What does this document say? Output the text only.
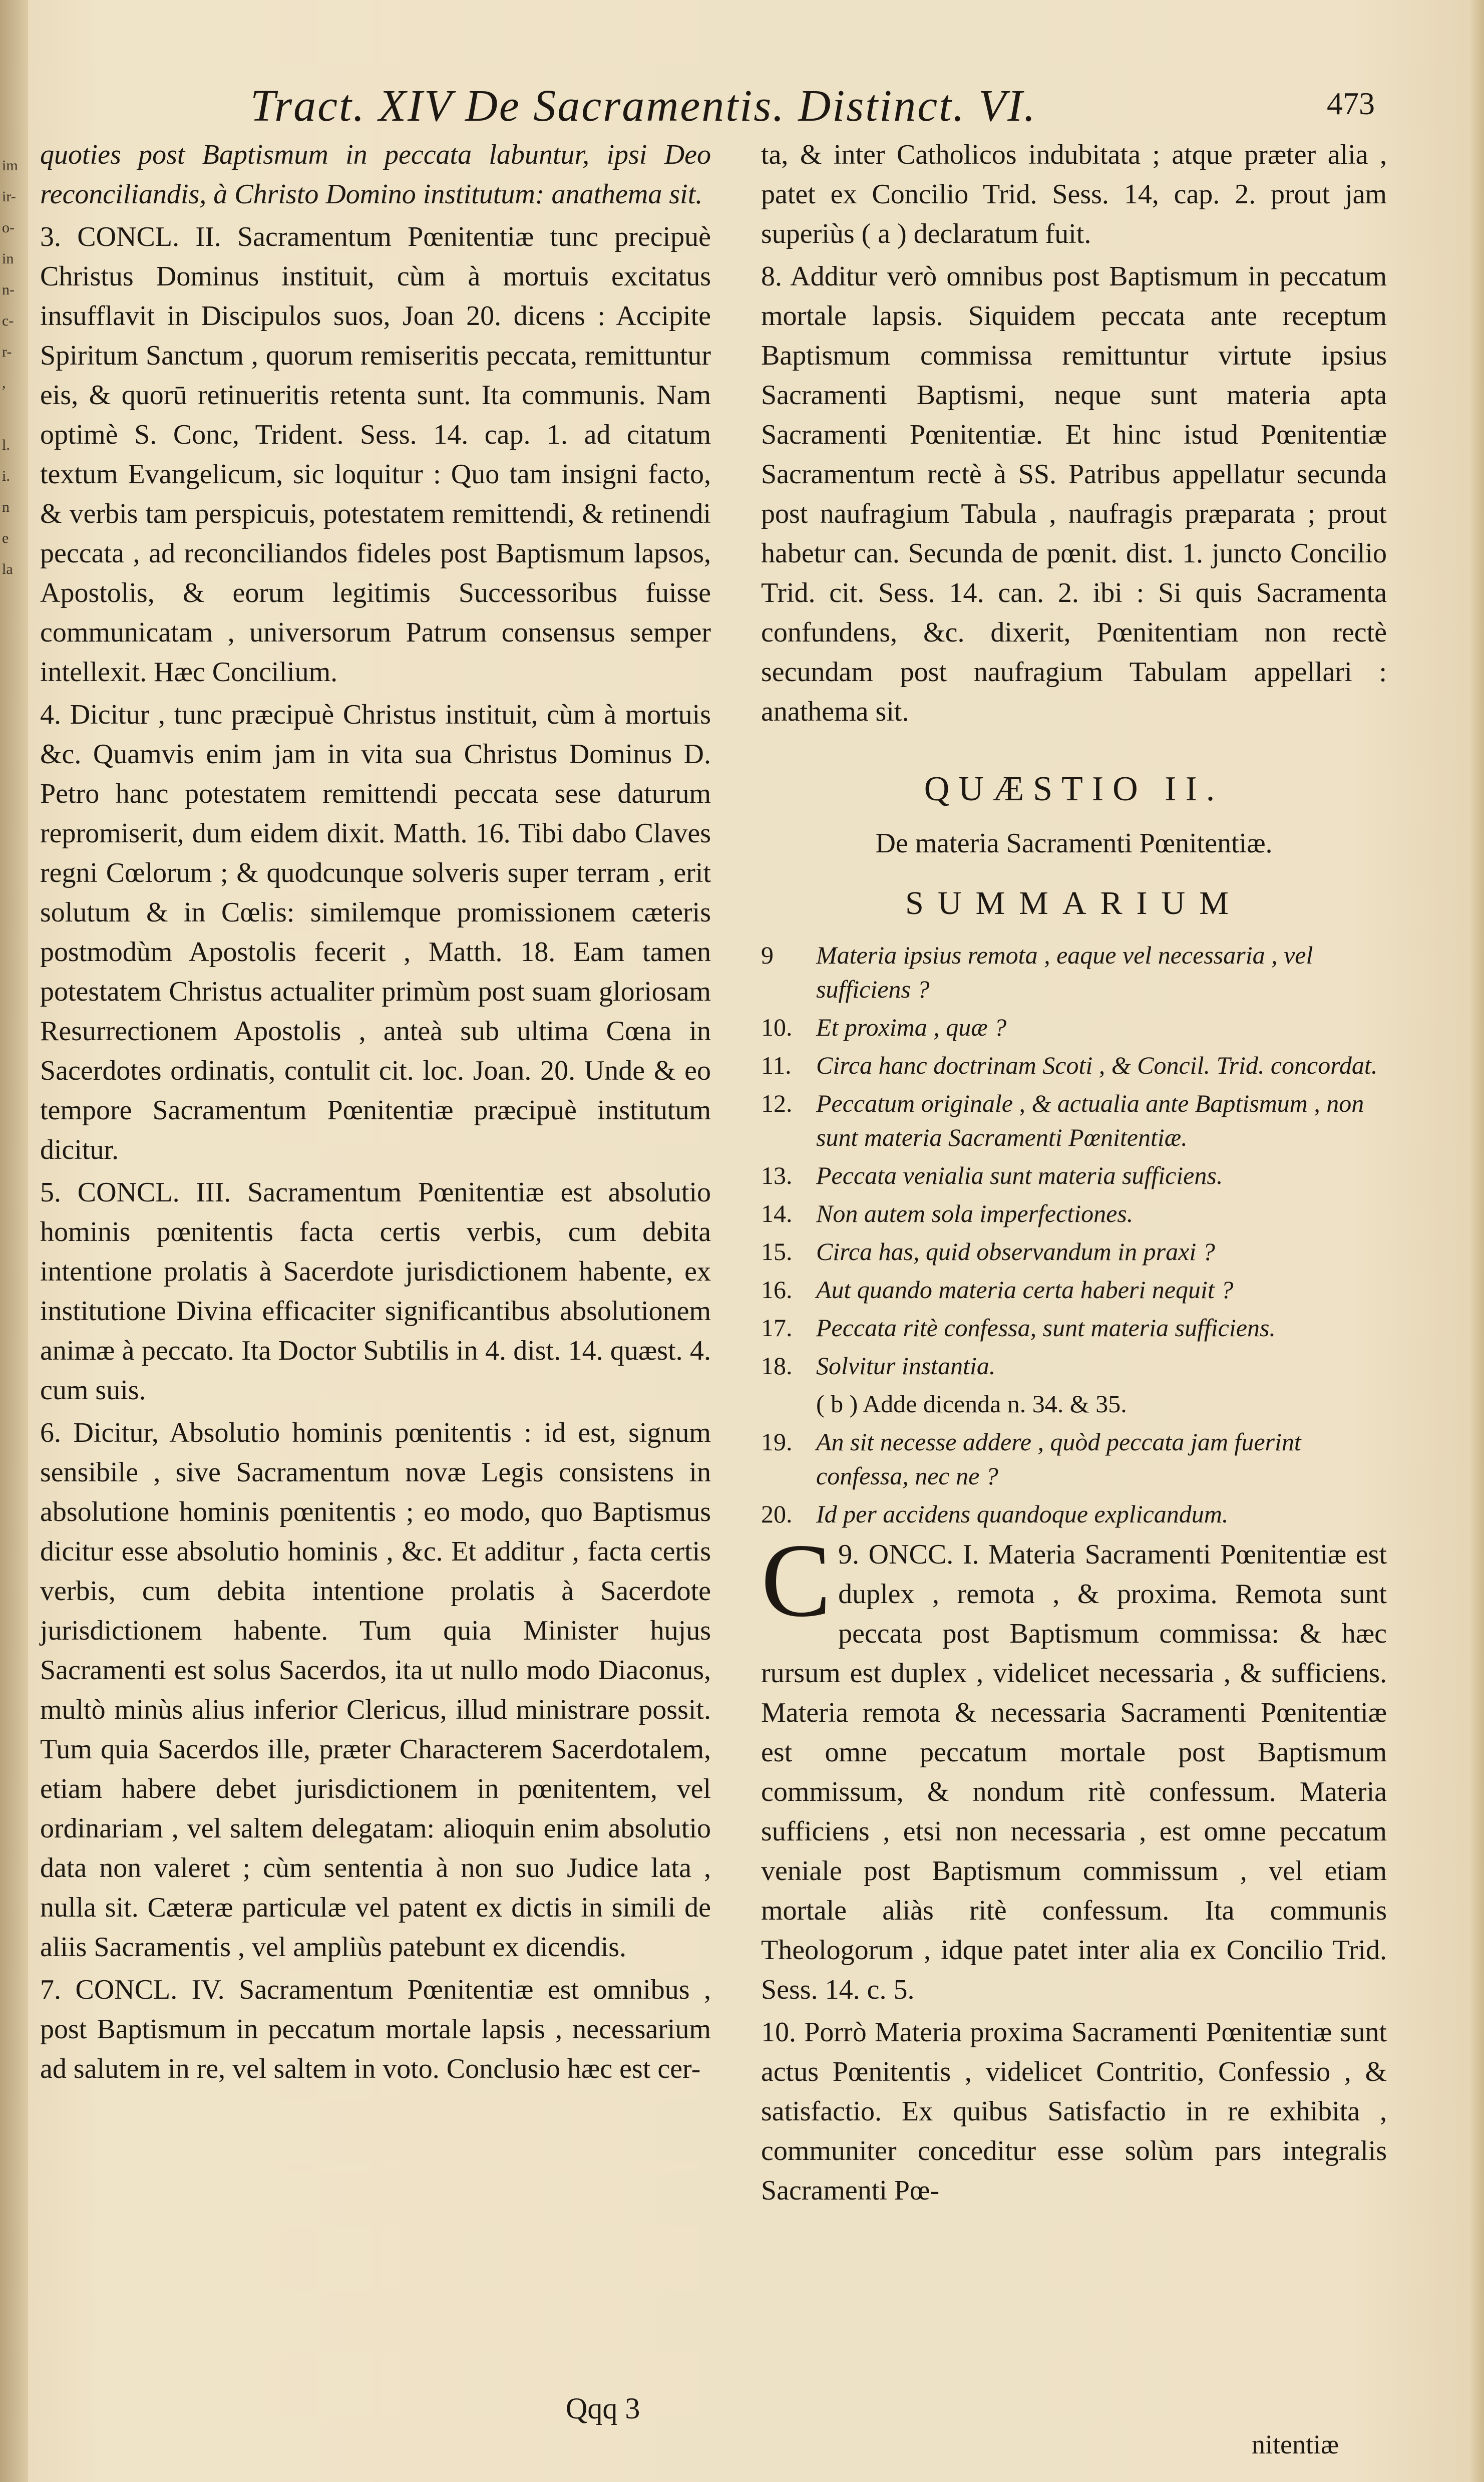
im
ir-
o-
in
n-
c-
r-
,
l.
i.
n
e
la
Tract. XIV De Sacramentis. Distinct. VI.	473

quoties post Baptismum in peccata labuntur, ipsi Deo reconciliandis, à Christo Domino institutum: anathema sit.

3. CONCL. II. Sacramentum Pœnitentiæ tunc precipuè Christus Dominus instituit, cùm à mortuis excitatus insufflavit in Discipulos suos, Joan 20. dicens : Accipite Spiritum Sanctum , quorum remiseritis peccata, remittuntur eis, & quorū retinueritis retenta sunt. Ita communis. Nam optimè S. Conc, Trident. Sess. 14. cap. 1. ad citatum textum Evangelicum, sic loquitur : Quo tam insigni facto, & verbis tam perspicuis, potestatem remittendi, & retinendi peccata , ad reconciliandos fideles post Baptismum lapsos, Apostolis, & eorum legitimis Successoribus fuisse communicatam , universorum Patrum consensus semper intellexit. Hæc Concilium.

4. Dicitur , tunc præcipuè Christus instituit, cùm à mortuis &c. Quamvis enim jam in vita sua Christus Dominus D. Petro hanc potestatem remittendi peccata sese daturum repromiserit, dum eidem dixit. Matth. 16. Tibi dabo Claves regni Cœlorum ; & quodcunque solveris super terram , erit solutum & in Cœlis: similemque promissionem cæteris postmodùm Apostolis fecerit , Matth. 18. Eam tamen potestatem Christus actualiter primùm post suam gloriosam Resurrectionem Apostolis , anteà sub ultima Cœna in Sacerdotes ordinatis, contulit cit. loc. Joan. 20. Unde & eo tempore Sacramentum Pœnitentiæ præcipuè institutum dicitur.

5. CONCL. III. Sacramentum Pœnitentiæ est absolutio hominis pœnitentis facta certis verbis, cum debita intentione prolatis à Sacerdote jurisdictionem habente, ex institutione Divina efficaciter significantibus absolutionem animæ à peccato. Ita Doctor Subtilis in 4. dist. 14. quæst. 4. cum suis.

6. Dicitur, Absolutio hominis pœnitentis : id est, signum sensibile , sive Sacramentum novæ Legis consistens in absolutione hominis pœnitentis ; eo modo, quo Baptismus dicitur esse absolutio hominis , &c. Et additur , facta certis verbis, cum debita intentione prolatis à Sacerdote jurisdictionem habente. Tum quia Minister hujus Sacramenti est solus Sacerdos, ita ut nullo modo Diaconus, multò minùs alius inferior Clericus, illud ministrare possit. Tum quia Sacerdos ille, præter Characterem Sacerdotalem, etiam habere debet jurisdictionem in pœnitentem, vel ordinariam , vel saltem delegatam: alioquin enim absolutio data non valeret ; cùm sententia à non suo Judice lata , nulla sit. Cæteræ particulæ vel patent ex dictis in simili de aliis Sacramentis , vel ampliùs patebunt ex dicendis.

7. CONCL. IV. Sacramentum Pœnitentiæ est omnibus , post Baptismum in peccatum mortale lapsis , necessarium ad salutem in re, vel saltem in voto. Conclusio hæc est cer-

Qqq 3

ta, & inter Catholicos indubitata ; atque præter alia , patet ex Concilio Trid. Sess. 14, cap. 2. prout jam superiùs ( a ) declaratum fuit.

8. Additur verò omnibus post Baptismum in peccatum mortale lapsis. Siquidem peccata ante receptum Baptismum commissa remittuntur virtute ipsius Sacramenti Baptismi, neque sunt materia apta Sacramenti Pœnitentiæ. Et hinc istud Pœnitentiæ Sacramentum rectè à SS. Patribus appellatur secunda post naufragium Tabula , naufragis præparata ; prout habetur can. Secunda de pœnit. dist. 1. juncto Concilio Trid. cit. Sess. 14. can. 2. ibi : Si quis Sacramenta confundens, &c. dixerit, Pœnitentiam non rectè secundam post naufragium Tabulam appellari : anathema sit.

QUÆSTIO II.
De materia Sacramenti Pœnitentiæ.
SUMMARIUM
9	Materia ipsius remota , eaque vel necessaria , vel sufficiens ?
10. Et proxima , quæ ?
11. Circa hanc doctrinam Scoti , & Concil. Trid. concordat.
12. Peccatum originale , & actualia ante Baptismum , non sunt materia Sacramenti Pœnitentiæ.
13. Peccata venialia sunt materia sufficiens.
14. Non autem sola imperfectiones.
15. Circa has, quid observandum in praxi ?
16. Aut quando materia certa haberi nequit ?
17. Peccata ritè confessa, sunt materia sufficiens.
18. Solvitur instantia.
( b ) Adde dicenda n. 34. & 35.
19. An sit necesse addere , quòd peccata jam fuerint confessa, nec ne ?
20. Id per accidens quandoque explicandum.

9.
C ONCC. I. Materia Sacramenti Pœnitentiæ est duplex , remota , & proxima. Remota sunt peccata post Baptismum commissa: & hæc rursum est duplex , videlicet necessaria , & sufficiens. Materia remota & necessaria Sacramenti Pœnitentiæ est omne peccatum mortale post Baptismum commissum, & nondum ritè confessum. Materia sufficiens , etsi non necessaria , est omne peccatum veniale post Baptismum commissum , vel etiam mortale aliàs ritè confessum. Ita communis Theologorum , idque patet inter alia ex Concilio Trid. Sess. 14. c. 5.

10. Porrò Materia proxima Sacramenti Pœnitentiæ sunt actus Pœnitentis , videlicet Contritio, Confessio , & satisfactio. Ex quibus Satisfactio in re exhibita , communiter conceditur esse solùm pars integralis Sacramenti Pœ-

nitentiæ
